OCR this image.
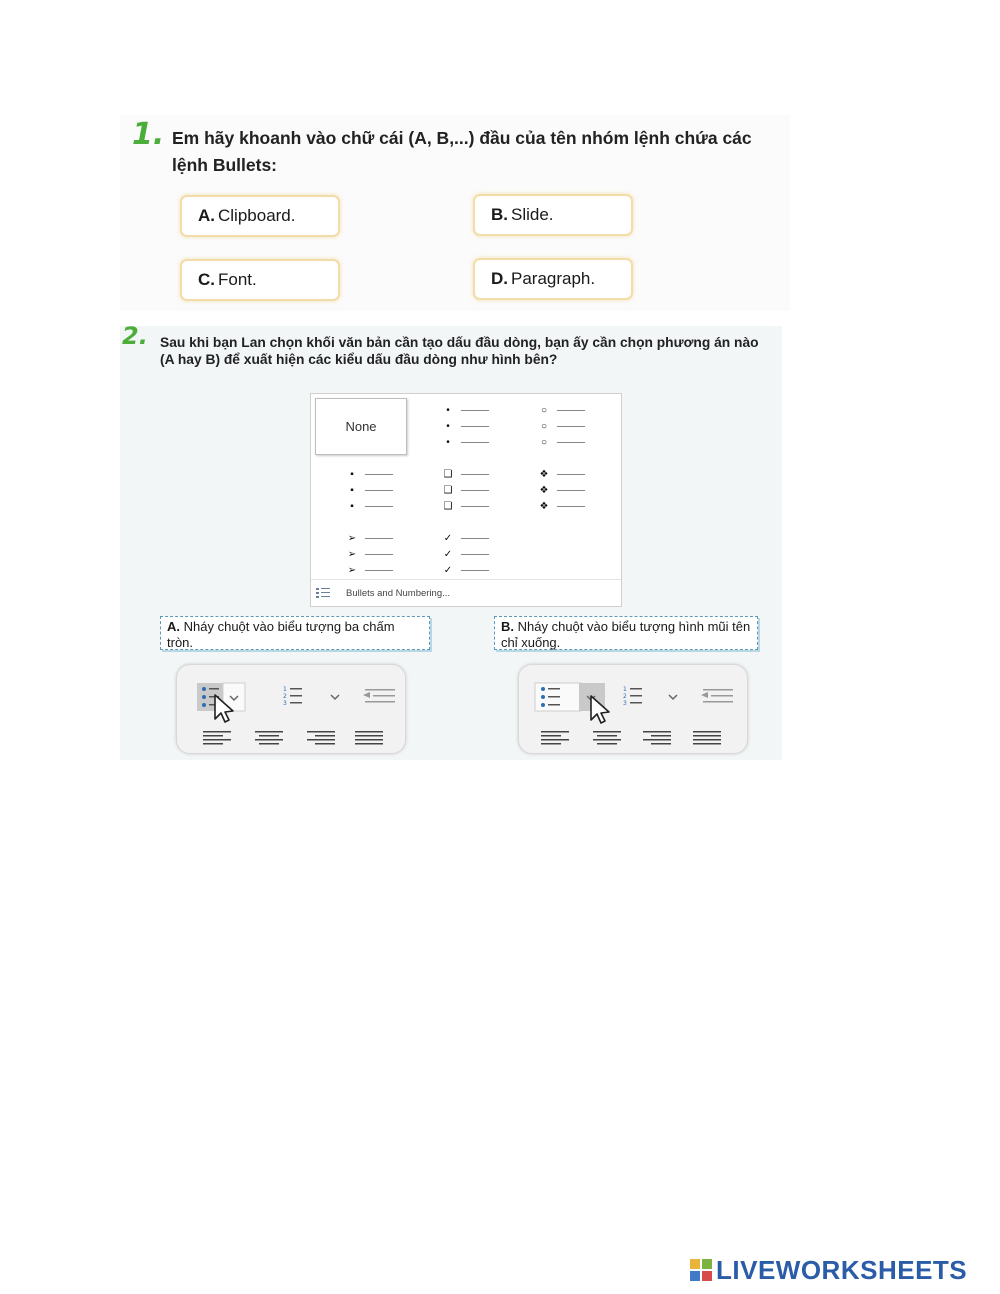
1. Em hãy khoanh vào chữ cái (A, B,...) đầu của tên nhóm lệnh chứa các lệnh Bullets:
A. Clipboard.	B. Slide.
C. Font.	D. Paragraph.
2. Sau khi bạn Lan chọn khối văn bản cần tạo dấu đầu dòng, bạn ấy cần chọn phương án nào (A hay B) để xuất hiện các kiểu dấu đầu dòng như hình bên?
None
•
•
•
○
○
○
▪
▪
▪
❑
❑
❑
❖
❖
❖
➢
➢
➢
✓
✓
✓
Bullets and Numbering...
A. Nháy chuột vào biểu tượng ba chấm tròn.
B. Nháy chuột vào biểu tượng hình mũi tên chỉ xuống.
1
2
3
1
2
3
LIVEWORKSHEETS
